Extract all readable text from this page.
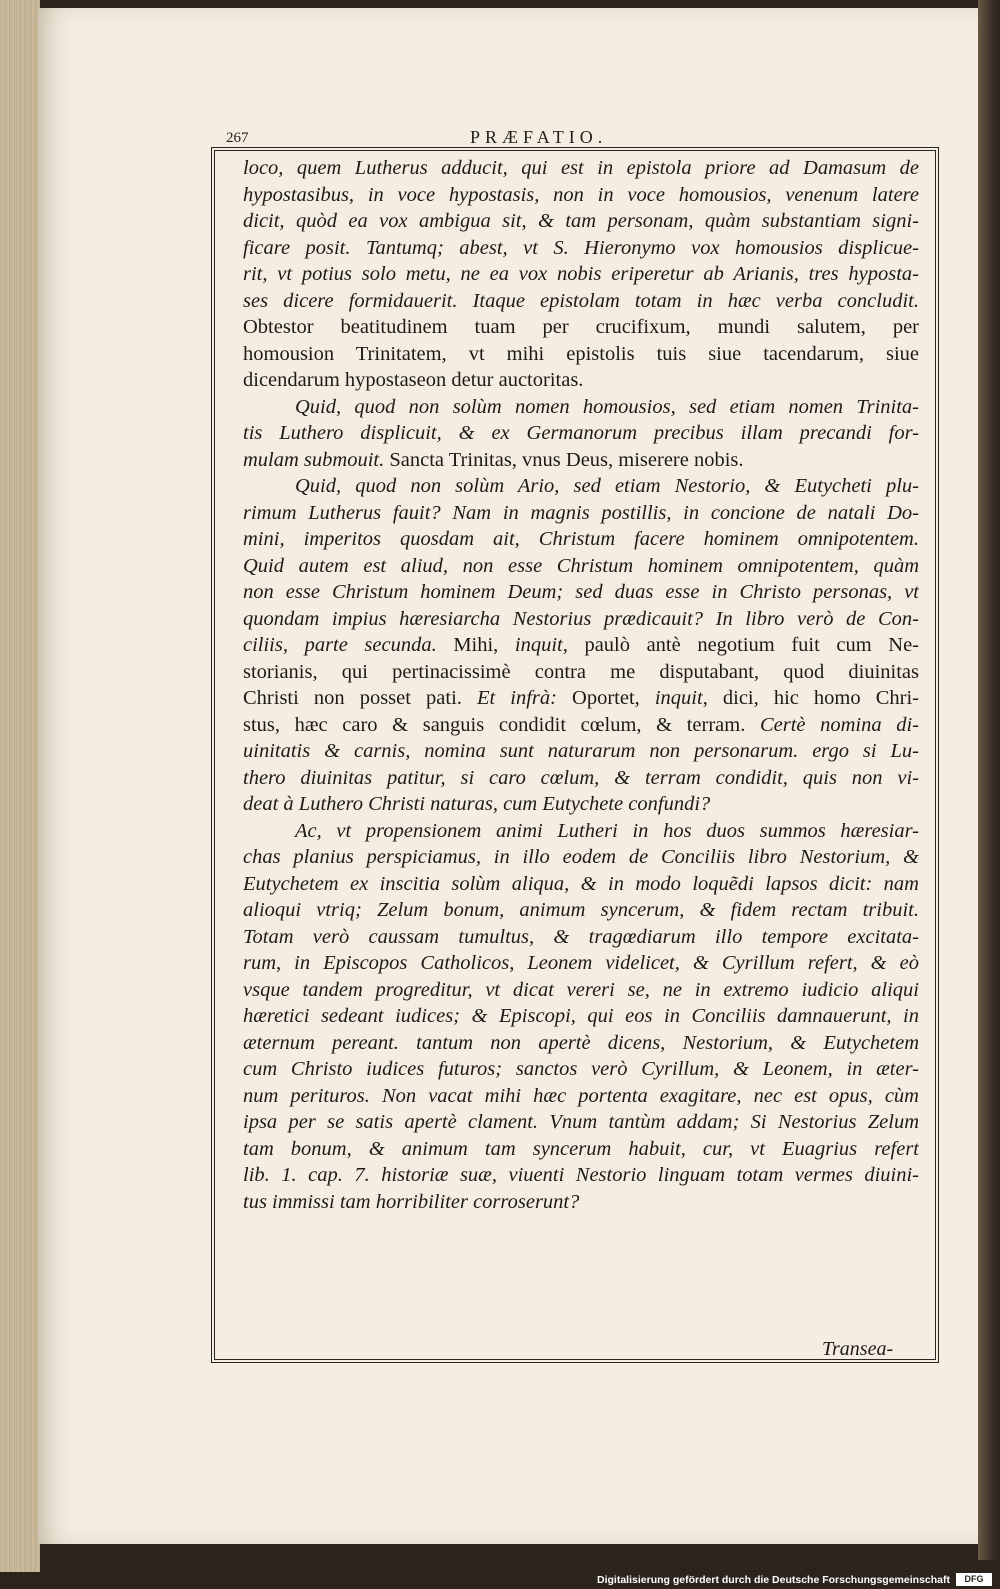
267	PRÆFATIO.
loco, quem Lutherus adducit, qui est in epistola priore ad Damasum de
hypostasibus, in voce hypostasis, non in voce homousios, venenum latere
dicit, quòd ea vox ambigua sit, & tam personam, quàm substantiam signi-
ficare posit. Tantumq; abest, vt S. Hieronymo vox homousios displicue-
rit, vt potius solo metu, ne ea vox nobis eriperetur ab Arianis, tres hyposta-
ses dicere formidauerit. Itaque epistolam totam in hæc verba concludit.
Obtestor beatitudinem tuam per crucifixum, mundi salutem, per
homousion Trinitatem, vt mihi epistolis tuis siue tacendarum, siue
dicendarum hypostaseon detur auctoritas.
Quid, quod non solùm nomen homousios, sed etiam nomen Trinita-
tis Luthero displicuit, & ex Germanorum precibus illam precandi for-
mulam submouit. Sancta Trinitas, vnus Deus, miserere nobis.
Quid, quod non solùm Ario, sed etiam Nestorio, & Eutycheti plu-
rimum Lutherus fauit? Nam in magnis postillis, in concione de natali Do-
mini, imperitos quosdam ait, Christum facere hominem omnipotentem.
Quid autem est aliud, non esse Christum hominem omnipotentem, quàm
non esse Christum hominem Deum; sed duas esse in Christo personas, vt
quondam impius hæresiarcha Nestorius prædicauit? In libro verò de Con-
ciliis, parte secunda. Mihi, inquit, paulò antè negotium fuit cum Ne-
storianis, qui pertinacissimè contra me disputabant, quod diuinitas
Christi non posset pati. Et infrà: Oportet, inquit, dici, hic homo Chri-
stus, hæc caro & sanguis condidit cœlum, & terram. Certè nomina di-
uinitatis & carnis, nomina sunt naturarum non personarum. ergo si Lu-
thero diuinitas patitur, si caro cœlum, & terram condidit, quis non vi-
deat à Luthero Christi naturas, cum Eutychete confundi?
Ac, vt propensionem animi Lutheri in hos duos summos hæresiar-
chas planius perspiciamus, in illo eodem de Conciliis libro Nestorium, &
Eutychetem ex inscitia solùm aliqua, & in modo loquẽdi lapsos dicit: nam
alioqui vtriq; Zelum bonum, animum syncerum, & fidem rectam tribuit.
Totam verò caussam tumultus, & tragœdiarum illo tempore excitata-
rum, in Episcopos Catholicos, Leonem videlicet, & Cyrillum refert, & eò
vsque tandem progreditur, vt dicat vereri se, ne in extremo iudicio aliqui
hæretici sedeant iudices; & Episcopi, qui eos in Conciliis damnauerunt, in
æternum pereant. tantum non apertè dicens, Nestorium, & Eutychetem
cum Christo iudices futuros; sanctos verò Cyrillum, & Leonem, in æter-
num perituros. Non vacat mihi hæc portenta exagitare, nec est opus, cùm
ipsa per se satis apertè clament. Vnum tantùm addam; Si Nestorius Zelum
tam bonum, & animum tam syncerum habuit, cur, vt Euagrius refert
lib. 1. cap. 7. historiæ suæ, viuenti Nestorio linguam totam vermes diuini-
tus immissi tam horribiliter corroserunt?
Transea-
Digitalisierung gefördert durch die Deutsche Forschungsgemeinschaft	DFG
